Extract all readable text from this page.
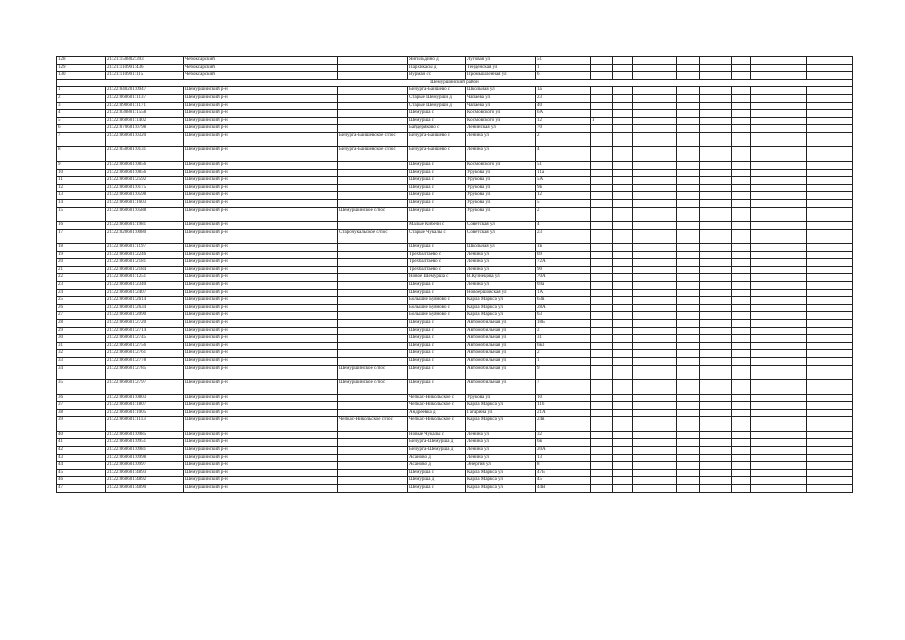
128	21:21:150802:393	Чебоксарский		Янгильдино д	Луговая ул	51								
129	21:21:110901:436	Чебоксарский		Пархикасы д	Тенденская ул	1								
130	21:21:110901:115	Чебоксарский		Вурман сс	Промышленная ул	6								
Шемуршинский район														
1	21:22:040201:0947	Шемуршинский р-н		Бичурга-Баишево с	Школьная ул	1а								
2	21:22:060601:1137	Шемуршинский р-н		Старые Шемурши д	Чапаева ул	23								
3	21:22:090601:1171	Шемуршинский р-н		Старые Шемурши д	Чапаева ул	40								
4	21:22:030801:1558	Шемуршинский р-н		Шемурша с	Космовского ул	6А								
5	21:22:060601:1402	Шемуршинский р-н		Шемурша с	Космовского ул	12	1							
6	21:22:070601:0798	Шемуршинский р-н		Байдеряково с	Ленинская ул	70								
7	21:22:060601:0320	Шемуршинский р-н	Бичурга-Баишевское с/пос	Бичурга-Баишево с	Ленина ул	2								
8	21:22:050601:0131	Шемуршинский р-н	Бичурга-Баишевское с/пос	Бичурга-Баишево с	Ленина ул	4								
9	21:22:060601:0856	Шемуршинский р-н		Шемурша с	Космовского ул	51								
10	21:22:060601:0856	Шемуршинский р-н		Шемурша с	Урукова ул	11а								
11	21:22:060601:2592	Шемуршинский р-н		Шемурша с	Урукова ул	5А								
12	21:22:060601:0175	Шемуршинский р-н		Шемурша с	Урукова ул	9в								
13	21:22:060601:0598	Шемуршинский р-н		Шемурша с	Урукова ул	12								
14	21:22:060601:1603	Шемуршинский р-н		Шемурша с	Урукова ул	5								
15	21:22:060601:0588	Шемуршинский р-н	Шемуршинское с/пос	Шемурша с	Урукова ул	2								
16	21:22:060601:1981	Шемуршинский р-н		Малые Кибечи с	Советская ул	4								
17	21:22:020601:0080	Шемуршинский р-н	Старочукальское с/пос	Старые Чукалы с	Советская ул	23								
18	21:22:060601:1197	Шемуршинский р-н		Шемурша с	Школьная ул	1в								
19	21:22:060601:2246	Шемуршинский р-н		Трехбалтаево с	Ленина ул	69								
20	21:22:060601:2181	Шемуршинский р-н		Трехбалтаево с	Ленина ул	72А								
21	21:22:060601:2184	Шемуршинский р-н		Трехбалтаево с	Ленина ул	90								
22	21:22:060601:1251	Шемуршинский р-н		Новое Шемурша с	В.Кузнецова ул	70А								
23	21:22:060601:2340	Шемуршинский р-н		Шемурша с	Ленина ул	69а								
24	21:22:060601:2407	Шемуршинский р-н		Шемурша с	Новоершовская ул	1А								
25	21:22:060601:2614	Шемуршинский р-н		Большие Буяново с	Карла Маркса ул	63в								
26	21:22:060601:2634	Шемуршинский р-н		Большие Буяново с	Карла Маркса ул	28А								
27	21:22:060601:2090	Шемуршинский р-н		Большие Буяново с	Карла Маркса ул	63								
28	21:22:060601:2720	Шемуршинский р-н		Шемурша с	Автомобильная ул	18Б								
29	21:22:060601:2714	Шемуршинский р-н		Шемурша с	Автомобильная ул	2								
30	21:22:060601:2745	Шемуршинский р-н		Шемурша с	Автомобильная ул	31								
31	21:22:060601:2756	Шемуршинский р-н		Шемурша с	Автомобильная ул	6в3								
32	21:22:060601:2761	Шемуршинский р-н		Шемурша с	Автомобильная ул	2								
33	21:22:060601:2778	Шемуршинский р-н		Шемурша с	Автомобильная ул	1								
34	21:22:060601:2785	Шемуршинский р-н	Шемуршинское с/пос	Шемурша с	Автомобильная ул	9								
35	21:22:060601:2797	Шемуршинский р-н	Шемуршинское с/пос	Шемурша с	Автомобильная ул	7								
36	21:22:060601:0803	Шемуршинский р-н		Чепкас-Никольское с	Урукова ул	10								
37	21:22:060601:1807	Шемуршинский р-н		Чепкас-Никольское с	Карла Маркса ул	116								
38	21:22:060601:1005	Шемуршинский р-н		Андреевка д	Гагарина ул	21А								
39	21:22:060601:1113	Шемуршинский р-н	Чепкас-Никольское с/пос	Чепкас-Никольское с	Карла Маркса ул	24в								
40	21:22:060601:0985	Шемуршинский р-н		Новые Чукалы с	Ленина ул	32								
41	21:22:060601:0951	Шемуршинский р-н		Бичурга-Шемурша д	Ленина ул	6в								
42	21:22:060601:0981	Шемуршинский р-н		Бичурга-Шемурша д	Ленина ул	20А								
43	21:22:060601:0998	Шемуршинский р-н		Асаново д	Ленина ул	13								
44	21:22:060601:0997	Шемуршинский р-н		Асаново д	Энергия ул	8								
45	21:22:060601:4893	Шемуршинский р-н		Шемурша с	Карла Маркса ул	47Б								
46	21:22:060601:4892	Шемуршинский р-н		Шемурша д	Карла Маркса ул	45								
47	21:22:060601:4890	Шемуршинский р-н		Шемурша с	Карла Маркса ул	44В								
